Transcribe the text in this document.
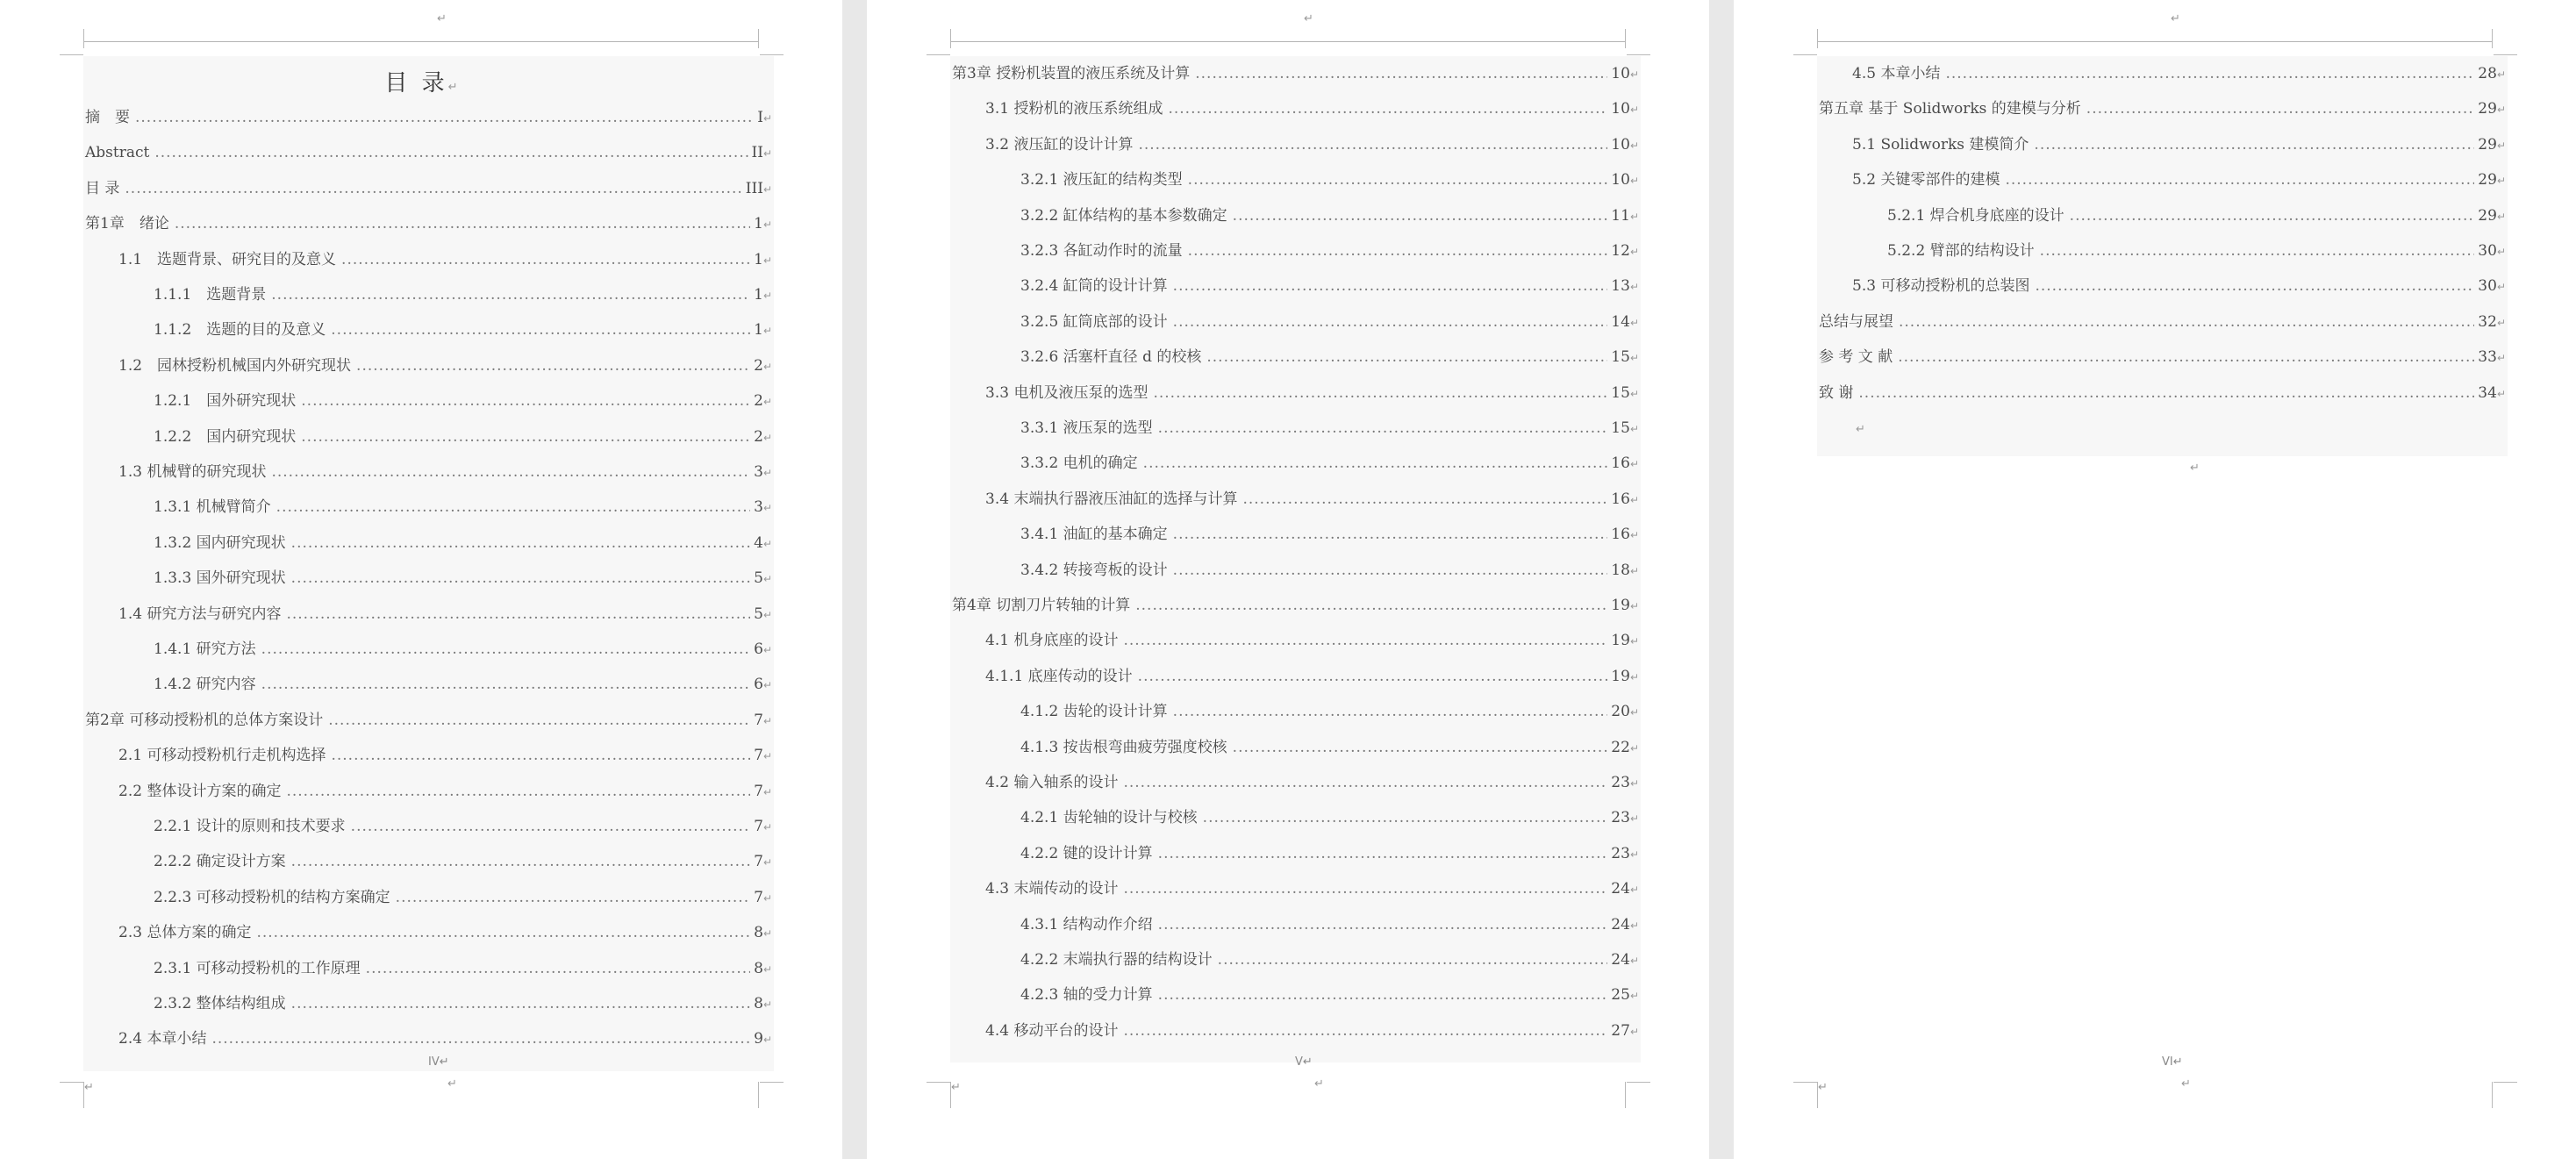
↵
目 录↵
摘　要 .....	I ↵
Abstract .....	II ↵
目 录 .....	III ↵
第1章　绪论 .....	1 ↵
1.1　选题背景、研究目的及意义 .....	1 ↵
1.1.1　选题背景 .....	1 ↵
1.1.2　选题的目的及意义 .....	1 ↵
1.2　园林授粉机械国内外研究现状 .....	2 ↵
1.2.1　国外研究现状 .....	2 ↵
1.2.2　国内研究现状 .....	2 ↵
1.3 机械臂的研究现状 .....	3 ↵
1.3.1 机械臂简介 .....	3 ↵
1.3.2 国内研究现状 .....	4 ↵
1.3.3 国外研究现状 .....	5 ↵
1.4 研究方法与研究内容 .....	5 ↵
1.4.1 研究方法 .....	6 ↵
1.4.2 研究内容 .....	6 ↵
第2章 可移动授粉机的总体方案设计 .....	7 ↵
2.1 可移动授粉机行走机构选择 .....	7 ↵
2.2 整体设计方案的确定 .....	7 ↵
2.2.1 设计的原则和技术要求 .....	7 ↵
2.2.2 确定设计方案 .....	7 ↵
2.2.3 可移动授粉机的结构方案确定 .....	7 ↵
2.3 总体方案的确定 .....	8 ↵
2.3.1 可移动授粉机的工作原理 .....	8 ↵
2.3.2 整体结构组成 .....	8 ↵
2.4 本章小结 .....	9 ↵
IV↵
↵
↵
↵
第3章 授粉机装置的液压系统及计算 .....	10 ↵
3.1 授粉机的液压系统组成 .....	10 ↵
3.2 液压缸的设计计算 .....	10 ↵
3.2.1 液压缸的结构类型 .....	10 ↵
3.2.2 缸体结构的基本参数确定 .....	11 ↵
3.2.3 各缸动作时的流量 .....	12 ↵
3.2.4 缸筒的设计计算 .....	13 ↵
3.2.5 缸筒底部的设计 .....	14 ↵
3.2.6 活塞杆直径 d 的校核 .....	15 ↵
3.3 电机及液压泵的选型 .....	15 ↵
3.3.1 液压泵的选型 .....	15 ↵
3.3.2 电机的确定 .....	16 ↵
3.4 末端执行器液压油缸的选择与计算 .....	16 ↵
3.4.1 油缸的基本确定 .....	16 ↵
3.4.2 转接弯板的设计 .....	18 ↵
第4章 切割刀片转轴的计算 .....	19 ↵
4.1 机身底座的设计 .....	19 ↵
4.1.1 底座传动的设计 .....	19 ↵
4.1.2 齿轮的设计计算 .....	20 ↵
4.1.3 按齿根弯曲疲劳强度校核 .....	22 ↵
4.2 输入轴系的设计 .....	23 ↵
4.2.1 齿轮轴的设计与校核 .....	23 ↵
4.2.2 键的设计计算 .....	23 ↵
4.3 末端传动的设计 .....	24 ↵
4.3.1 结构动作介绍 .....	24 ↵
4.2.2 末端执行器的结构设计 .....	24 ↵
4.2.3 轴的受力计算 .....	25 ↵
4.4 移动平台的设计 .....	27 ↵
V↵
↵
↵
↵
4.5 本章小结 .....	28 ↵
第五章 基于 Solidworks 的建模与分析 .....	29 ↵
5.1 Solidworks 建模简介 .....	29 ↵
5.2 关键零部件的建模 .....	29 ↵
5.2.1 焊合机身底座的设计 .....	29 ↵
5.2.2 臂部的结构设计 .....	30 ↵
5.3 可移动授粉机的总装图 .....	30 ↵
总结与展望 .....	32 ↵
参 考 文 献 .....	33 ↵
致 谢 .....	34 ↵
↵
↵
VI↵
↵
↵
